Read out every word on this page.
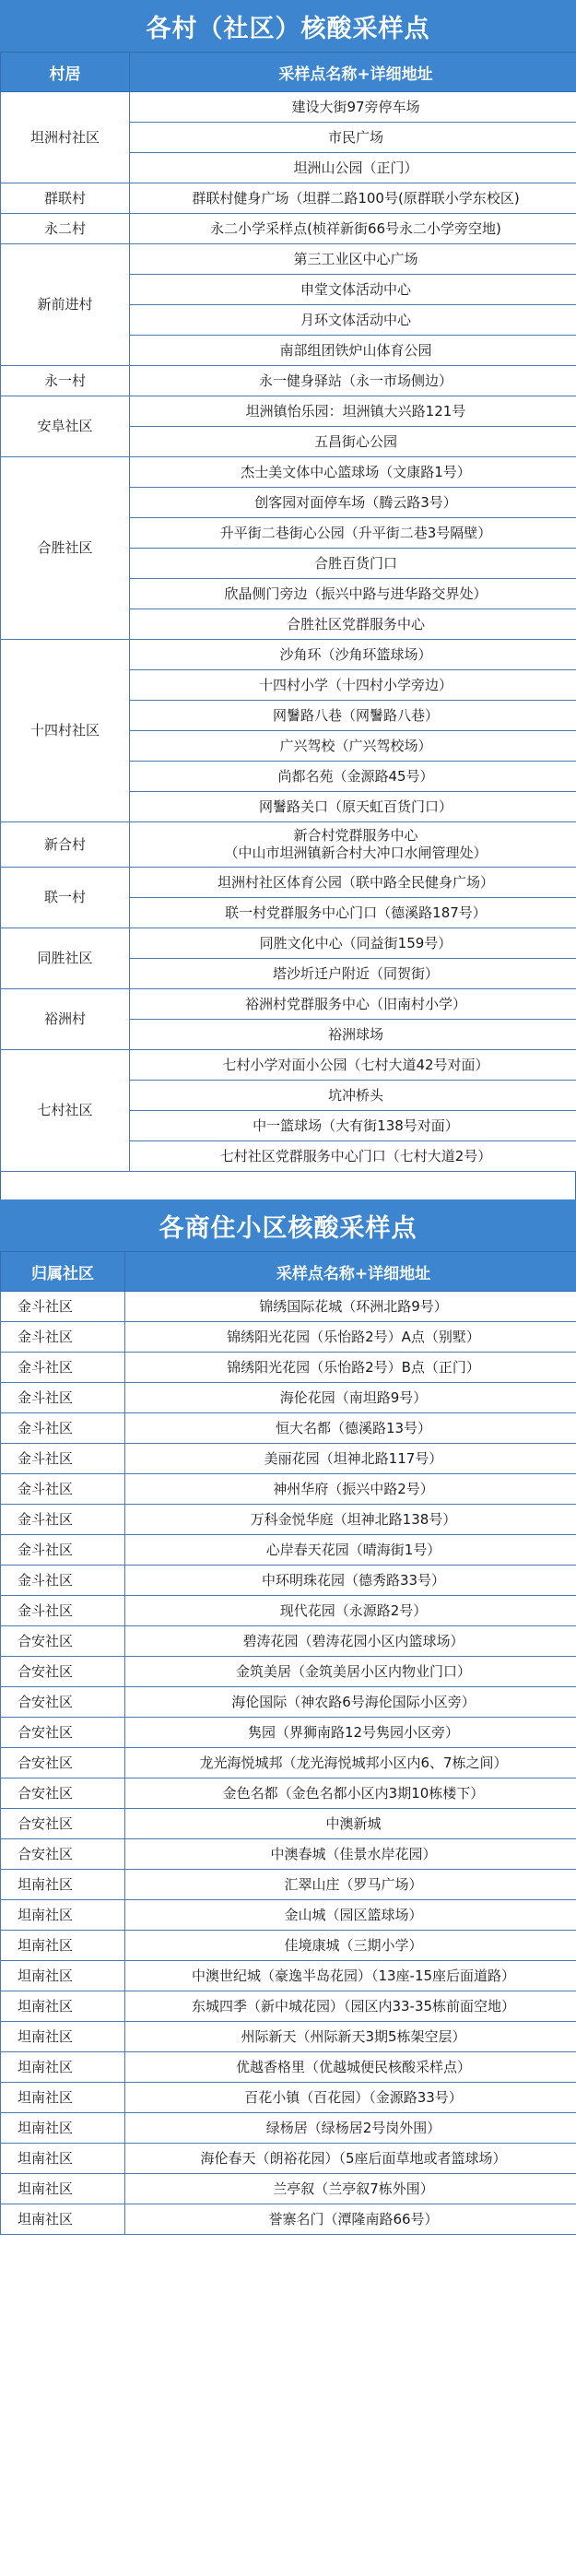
各村（社区）核酸采样点
村居	采样点名称+详细地址
坦洲村社区	建设大街97旁停车场
	市民广场
	坦洲山公园（正门）
群联村	群联村健身广场（坦群二路100号(原群联小学东校区)
永二村	永二小学采样点(桢祥新街66号永二小学旁空地)
新前进村	第三工业区中心广场
	申堂文体活动中心
	月环文体活动中心
	南部组团铁炉山体育公园
永一村	永一健身驿站（永一市场侧边）
安阜社区	坦洲镇怡乐园：坦洲镇大兴路121号
	五昌街心公园
合胜社区	杰士美文体中心篮球场（文康路1号）
	创客园对面停车场（腾云路3号）
	升平街二巷街心公园（升平街二巷3号隔壁）
	合胜百货门口
	欣晶侧门旁边（振兴中路与进华路交界处）
	合胜社区党群服务中心
十四村社区	沙角环（沙角环篮球场）
	十四村小学（十四村小学旁边）
	网鬐路八巷（网鬐路八巷）
	广兴驾校（广兴驾校场）
	尚都名苑（金源路45号）
	网鬐路关口（原天虹百货门口）
新合村	新合村党群服务中心
（中山市坦洲镇新合村大冲口水闸管理处）
联一村	坦洲村社区体育公园（联中路全民健身广场）
	联一村党群服务中心门口（德溪路187号）
同胜社区	同胜文化中心（同益街159号）
	塔沙圻迁户附近（同贺街）
裕洲村	裕洲村党群服务中心（旧南村小学）
	裕洲球场
七村社区	七村小学对面小公园（七村大道42号对面）
	坑冲桥头
	中一篮球场（大有街138号对面）
	七村社区党群服务中心门口（七村大道2号）
各商住小区核酸采样点
归属社区	采样点名称+详细地址
金斗社区	锦绣国际花城（环洲北路9号）
金斗社区	锦绣阳光花园（乐怡路2号）A点（别墅）
金斗社区	锦绣阳光花园（乐怡路2号）B点（正门）
金斗社区	海伦花园（南坦路9号）
金斗社区	恒大名都（德溪路13号）
金斗社区	美丽花园（坦神北路117号）
金斗社区	神州华府（振兴中路2号）
金斗社区	万科金悦华庭（坦神北路138号）
金斗社区	心岸春天花园（晴海街1号）
金斗社区	中环明珠花园（德秀路33号）
金斗社区	现代花园（永源路2号）
合安社区	碧涛花园（碧涛花园小区内篮球场）
合安社区	金筑美居（金筑美居小区内物业门口）
合安社区	海伦国际（神农路6号海伦国际小区旁）
合安社区	隽园（界狮南路12号隽园小区旁）
合安社区	龙光海悦城邦（龙光海悦城邦小区内6、7栋之间）
合安社区	金色名都（金色名都小区内3期10栋楼下）
合安社区	中澳新城
合安社区	中澳春城（佳景水岸花园）
坦南社区	汇翠山庄（罗马广场）
坦南社区	金山城（园区篮球场）
坦南社区	佳境康城（三期小学）
坦南社区	中澳世纪城（豪逸半岛花园）（13座-15座后面道路）
坦南社区	东城四季（新中城花园）（园区内33-35栋前面空地）
坦南社区	州际新天（州际新天3期5栋架空层）
坦南社区	优越香格里（优越城便民核酸采样点）
坦南社区	百花小镇（百花园）（金源路33号）
坦南社区	绿杨居（绿杨居2号岗外围）
坦南社区	海伦春天（朗裕花园）（5座后面草地或者篮球场）
坦南社区	兰亭叙（兰亭叙7栋外围）
坦南社区	誉寨名门（潭隆南路66号）
